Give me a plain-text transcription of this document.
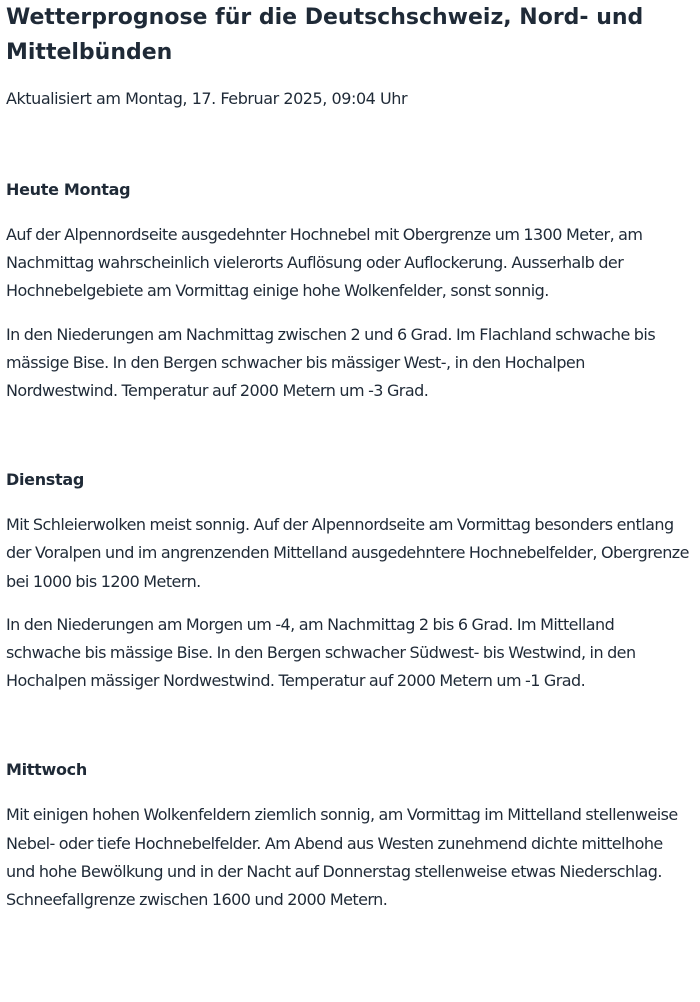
Wetterprognose für die Deutschschweiz, Nord- und Mittelbünden

Aktualisiert am Montag, 17. Februar 2025, 09:04 Uhr

Heute Montag

Auf der Alpennordseite ausgedehnter Hochnebel mit Obergrenze um 1300 Meter, am Nachmittag wahrscheinlich vielerorts Auflösung oder Auflockerung. Ausserhalb der Hochnebelgebiete am Vormittag einige hohe Wolkenfelder, sonst sonnig.

In den Niederungen am Nachmittag zwischen 2 und 6 Grad. Im Flachland schwache bis mässige Bise. In den Bergen schwacher bis mässiger West-, in den Hochalpen Nordwestwind. Temperatur auf 2000 Metern um -3 Grad.

Dienstag

Mit Schleierwolken meist sonnig. Auf der Alpennordseite am Vormittag besonders entlang der Voralpen und im angrenzenden Mittelland ausgedehntere Hochnebelfelder, Obergrenze bei 1000 bis 1200 Metern.

In den Niederungen am Morgen um -4, am Nachmittag 2 bis 6 Grad. Im Mittelland schwache bis mässige Bise. In den Bergen schwacher Südwest- bis Westwind, in den Hochalpen mässiger Nordwestwind. Temperatur auf 2000 Metern um -1 Grad.

Mittwoch

Mit einigen hohen Wolkenfeldern ziemlich sonnig, am Vormittag im Mittelland stellenweise Nebel- oder tiefe Hochnebelfelder. Am Abend aus Westen zunehmend dichte mittelhohe und hohe Bewölkung und in der Nacht auf Donnerstag stellenweise etwas Niederschlag. Schneefallgrenze zwischen 1600 und 2000 Metern.
